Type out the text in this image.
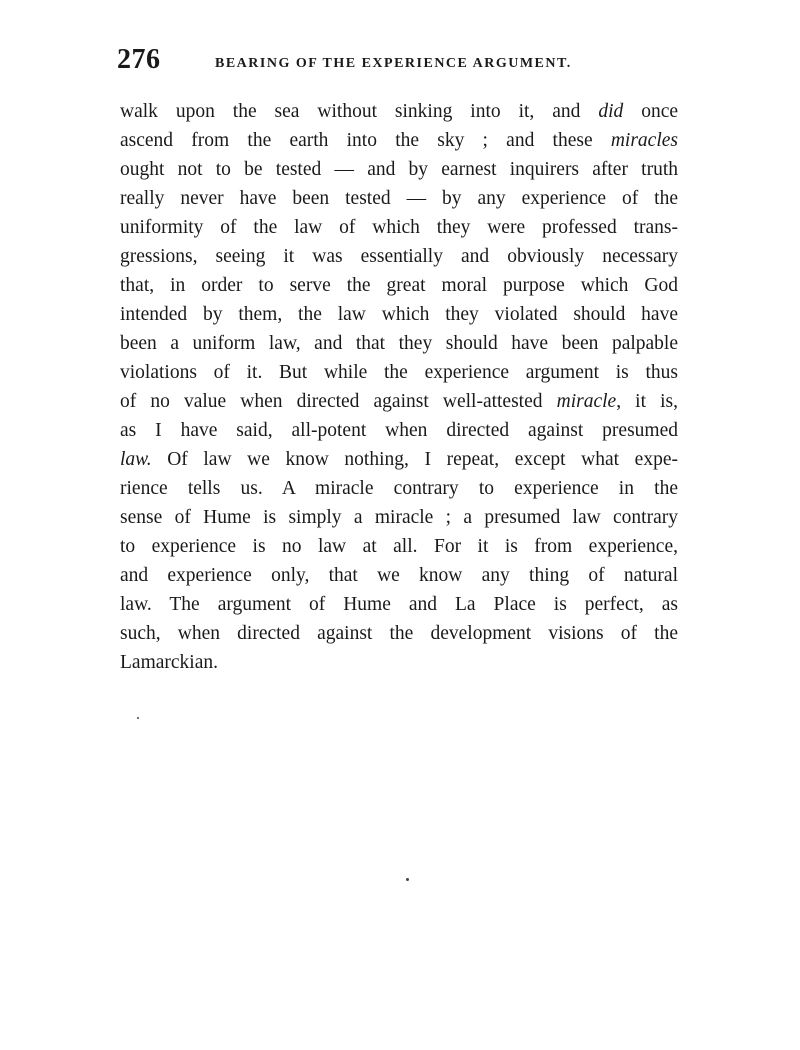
276	BEARING OF THE EXPERIENCE ARGUMENT.
walk upon the sea without sinking into it, and did once
ascend from the earth into the sky ; and these miracles
ought not to be tested — and by earnest inquirers after truth
really never have been tested — by any experience of the
uniformity of the law of which they were professed trans-
gressions, seeing it was essentially and obviously necessary
that, in order to serve the great moral purpose which God
intended by them, the law which they violated should have
been a uniform law, and that they should have been palpable
violations of it. But while the experience argument is thus
of no value when directed against well-attested miracle, it is,
as I have said, all-potent when directed against presumed
law. Of law we know nothing, I repeat, except what expe-
rience tells us. A miracle contrary to experience in the
sense of Hume is simply a miracle ; a presumed law contrary
to experience is no law at all. For it is from experience,
and experience only, that we know any thing of natural
law. The argument of Hume and La Place is perfect, as
such, when directed against the development visions of the
Lamarckian.
